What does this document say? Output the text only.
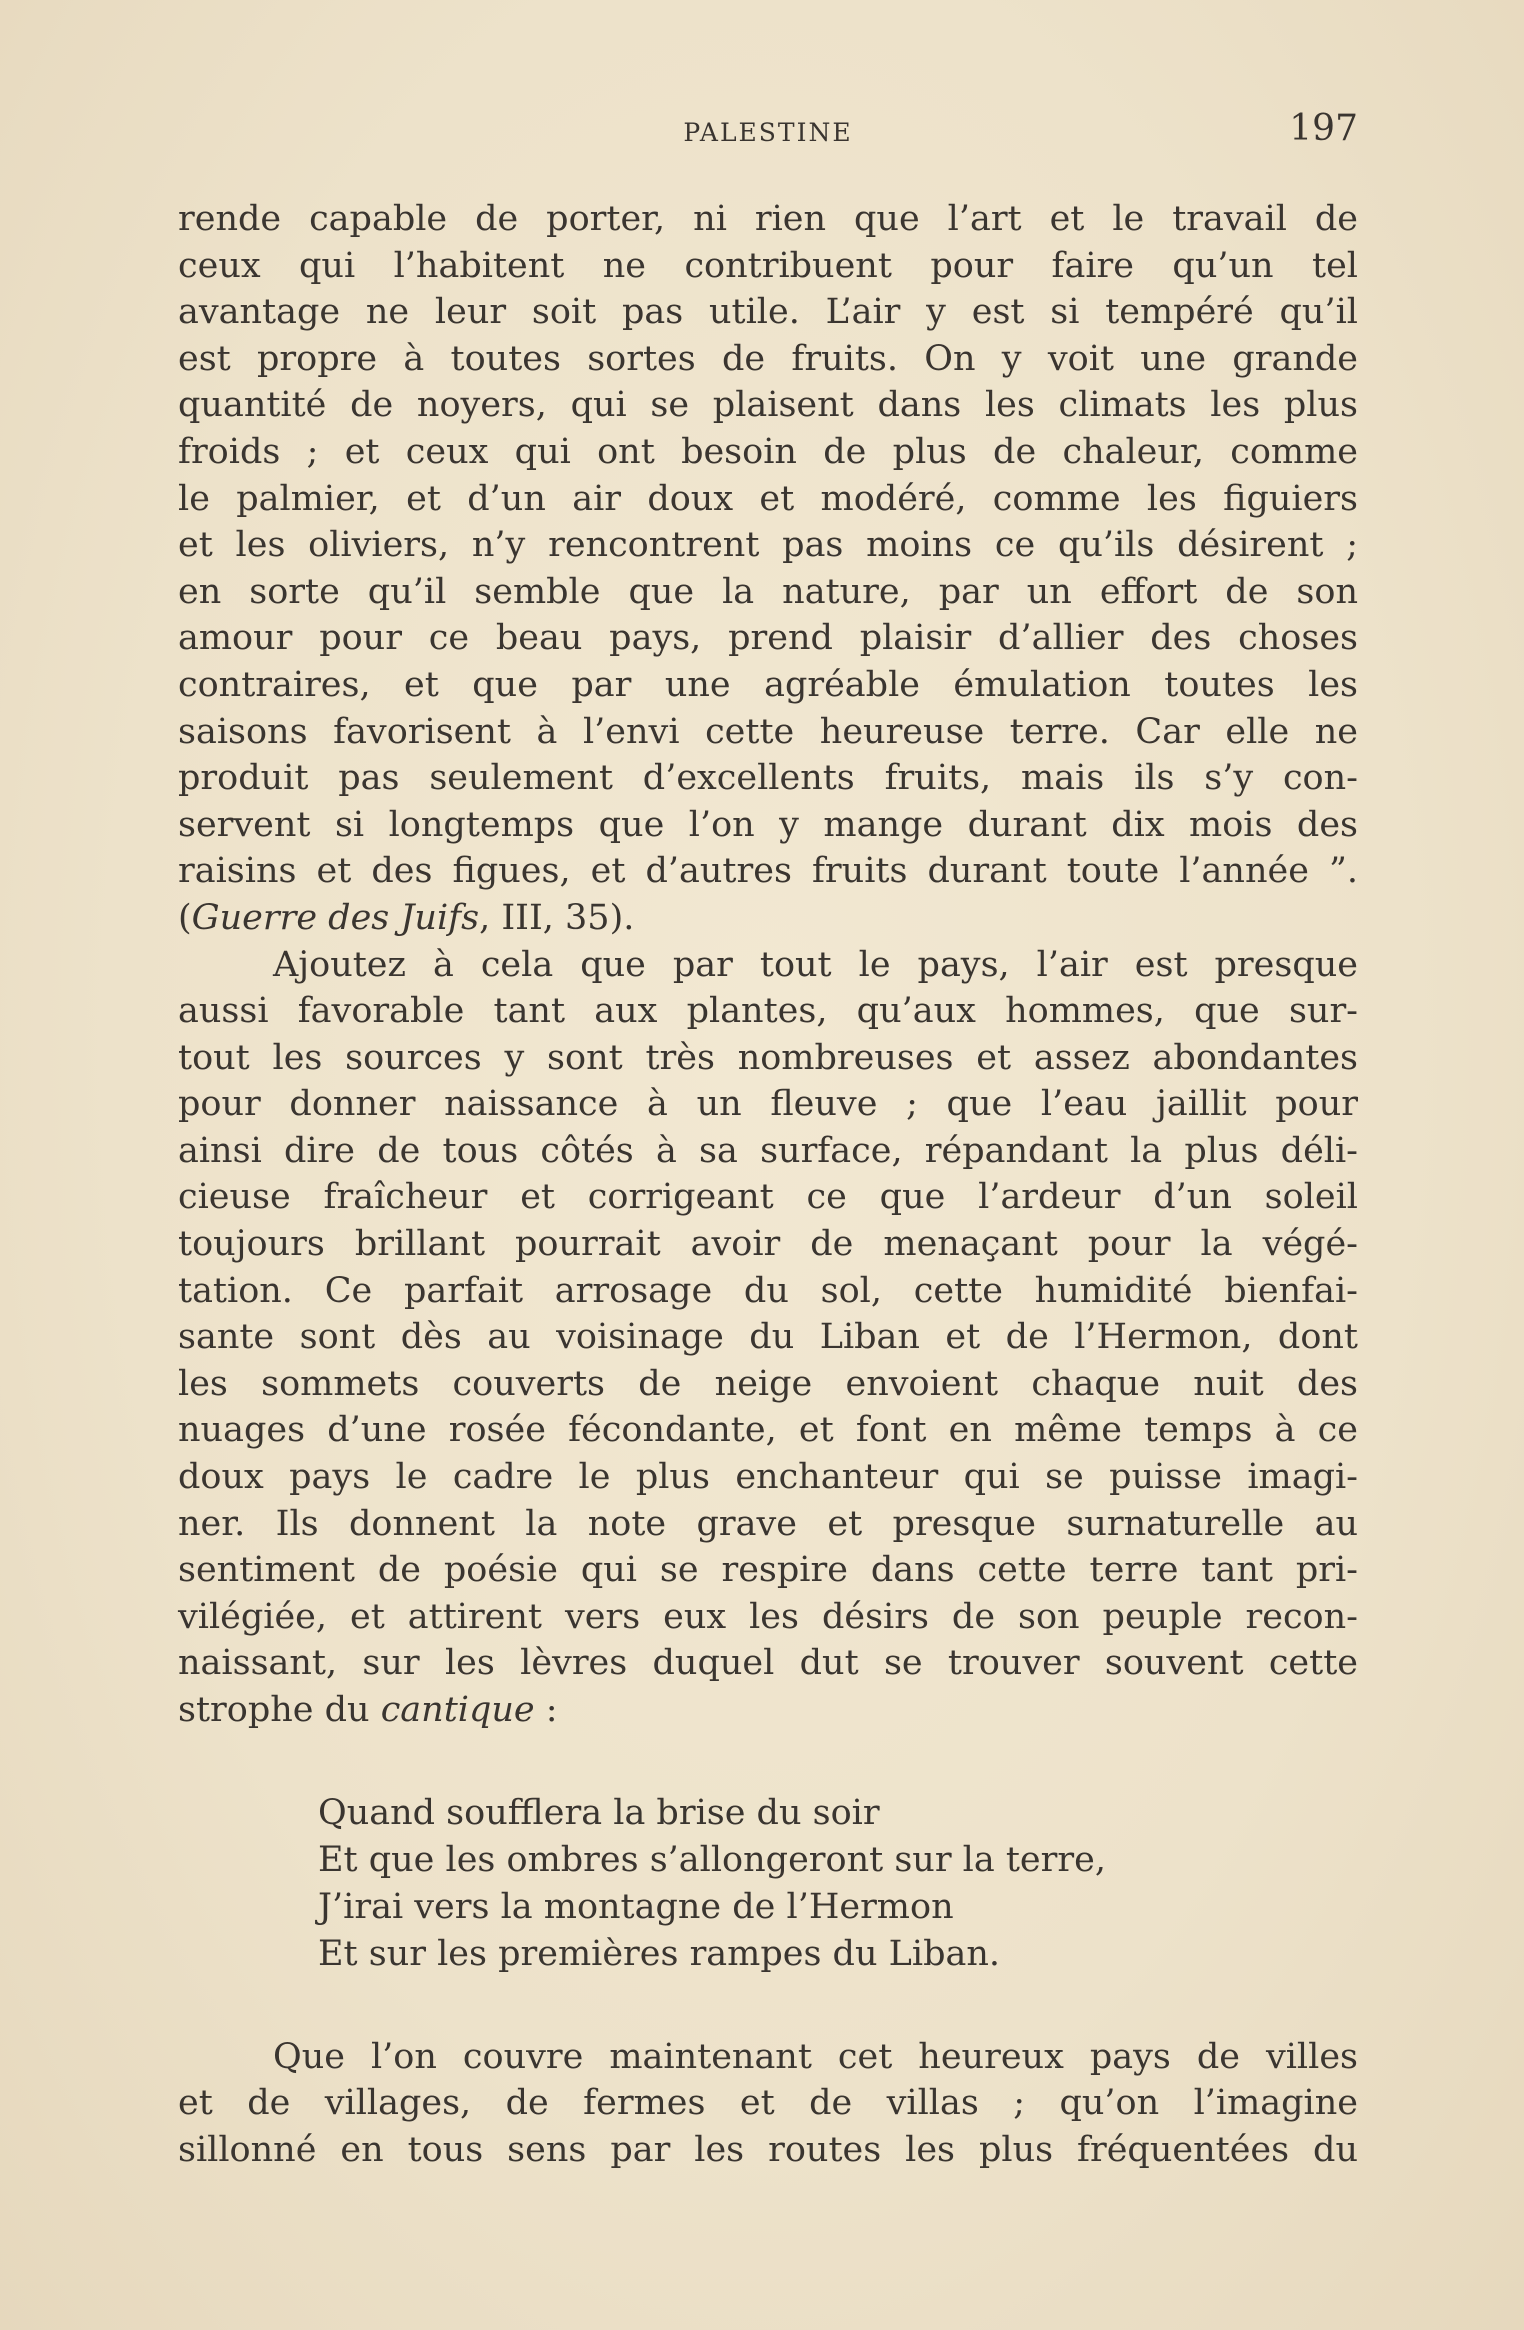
PALESTINE	197
rende capable de porter, ni rien que l’art et le travail de
ceux qui l’habitent ne contribuent pour faire qu’un tel
avantage ne leur soit pas utile. L’air y est si tempéré qu’il
est propre à toutes sortes de fruits. On y voit une grande
quantité de noyers, qui se plaisent dans les climats les plus
froids ; et ceux qui ont besoin de plus de chaleur, comme
le palmier, et d’un air doux et modéré, comme les figuiers
et les oliviers, n’y rencontrent pas moins ce qu’ils désirent ;
en sorte qu’il semble que la nature, par un effort de son
amour pour ce beau pays, prend plaisir d’allier des choses
contraires, et que par une agréable émulation toutes les
saisons favorisent à l’envi cette heureuse terre. Car elle ne
produit pas seulement d’excellents fruits, mais ils s’y con-
servent si longtemps que l’on y mange durant dix mois des
raisins et des figues, et d’autres fruits durant toute l’année ”.
(Guerre des Juifs, III, 35).
Ajoutez à cela que par tout le pays, l’air est presque
aussi favorable tant aux plantes, qu’aux hommes, que sur-
tout les sources y sont très nombreuses et assez abondantes
pour donner naissance à un fleuve ; que l’eau jaillit pour
ainsi dire de tous côtés à sa surface, répandant la plus déli-
cieuse fraîcheur et corrigeant ce que l’ardeur d’un soleil
toujours brillant pourrait avoir de menaçant pour la végé-
tation. Ce parfait arrosage du sol, cette humidité bienfai-
sante sont dès au voisinage du Liban et de l’Hermon, dont
les sommets couverts de neige envoient chaque nuit des
nuages d’une rosée fécondante, et font en même temps à ce
doux pays le cadre le plus enchanteur qui se puisse imagi-
ner. Ils donnent la note grave et presque surnaturelle au
sentiment de poésie qui se respire dans cette terre tant pri-
vilégiée, et attirent vers eux les désirs de son peuple recon-
naissant, sur les lèvres duquel dut se trouver souvent cette
strophe du cantique :
Quand soufflera la brise du soir
Et que les ombres s’allongeront sur la terre,
J’irai vers la montagne de l’Hermon
Et sur les premières rampes du Liban.
Que l’on couvre maintenant cet heureux pays de villes
et de villages, de fermes et de villas ; qu’on l’imagine
sillonné en tous sens par les routes les plus fréquentées du
